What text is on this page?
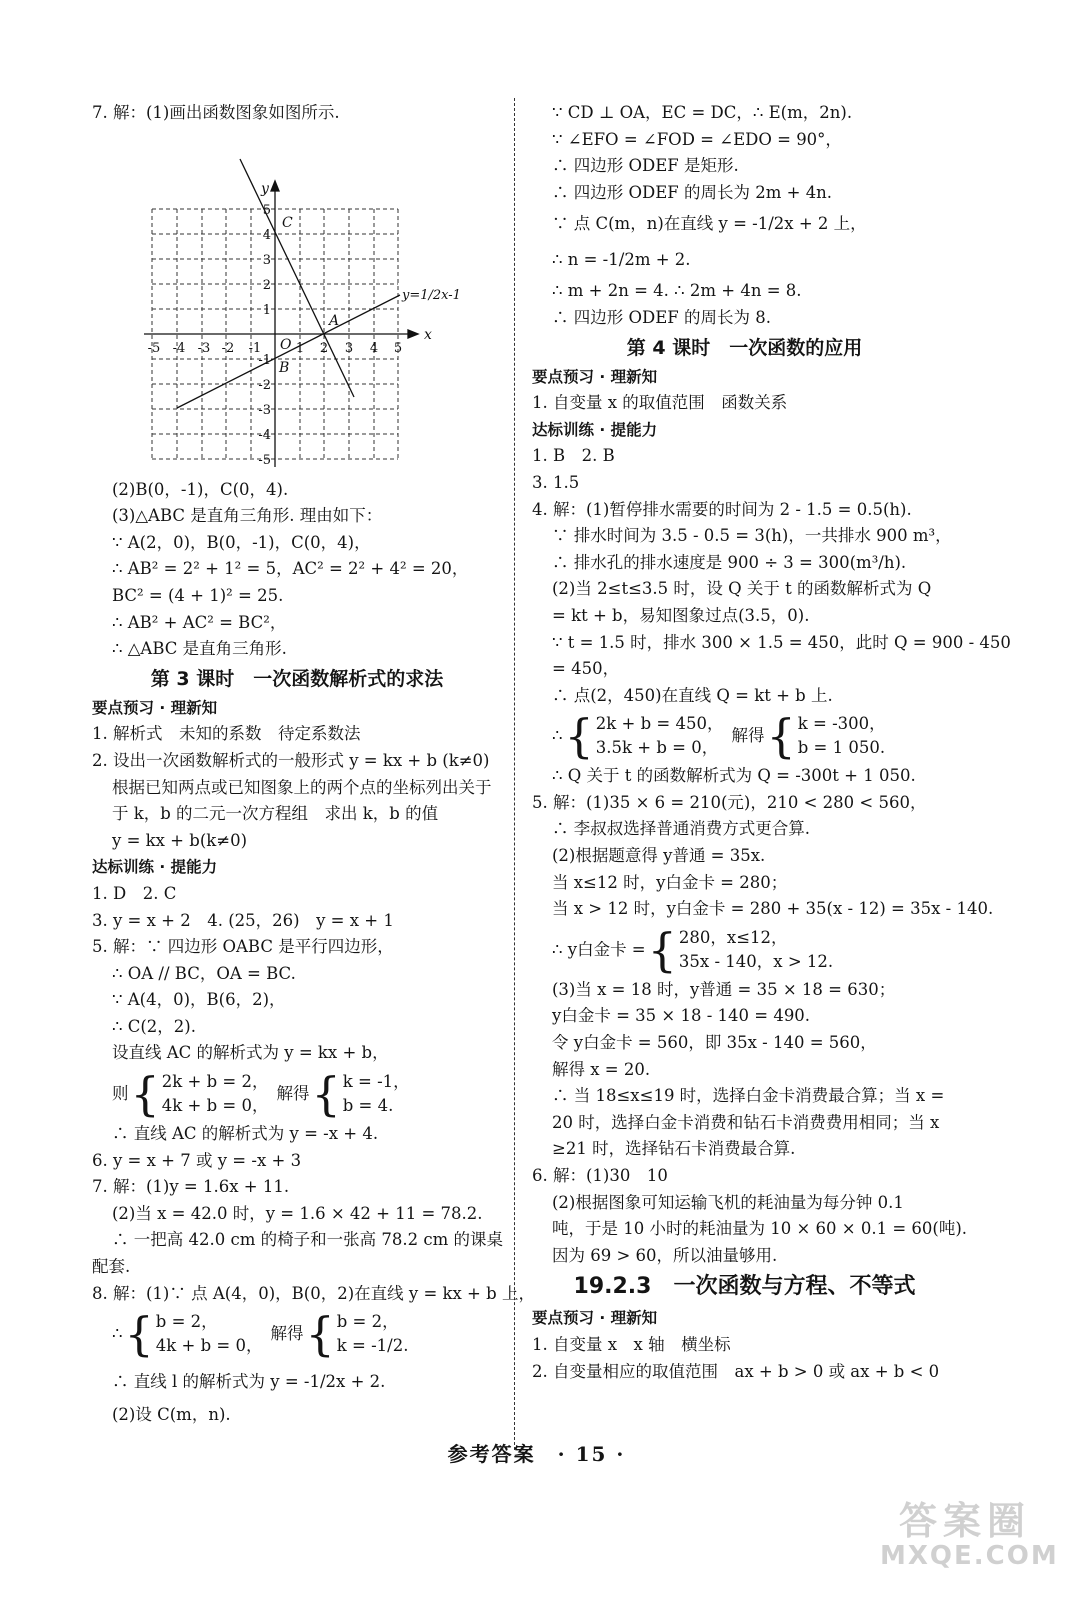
7. 解：(1)画出函数图象如图所示.
x
y
O
y=1/2x-1
A
B
C
-5 -4 -3 -2 -1	1 2 3 4 5
5
4
3
2
1
-1
-2
-3
-4
-5
(2)B(0，-1)，C(0，4).
(3)△ABC 是直角三角形. 理由如下：
∵ A(2，0)，B(0，-1)，C(0，4)，
∴ AB² = 2² + 1² = 5，AC² = 2² + 4² = 20，
BC² = (4 + 1)² = 25.
∴ AB² + AC² = BC²，
∴ △ABC 是直角三角形.
第 3 课时　一次函数解析式的求法
要点预习 · 理新知
1. 解析式　未知的系数　待定系数法
2. 设出一次函数解析式的一般形式 y = kx + b (k≠0)
根据已知两点或已知图象上的两个点的坐标列出关于
于 k，b 的二元一次方程组　求出 k，b 的值
y = kx + b(k≠0)
达标训练 · 提能力
1. D　2. C
3. y = x + 2　4. (25，26)　y = x + 1
5. 解：∵ 四边形 OABC 是平行四边形，
∴ OA // BC，OA = BC.
∵ A(4，0)，B(6，2)，
∴ C(2，2).
设直线 AC 的解析式为 y = kx + b，
则 { 2k + b = 2，
4k + b = 0，
解得 { k = -1，
b = 4.
∴ 直线 AC 的解析式为 y = -x + 4.
6. y = x + 7 或 y = -x + 3
7. 解：(1)y = 1.6x + 11.
(2)当 x = 42.0 时，y = 1.6 × 42 + 11 = 78.2.
∴ 一把高 42.0 cm 的椅子和一张高 78.2 cm 的课桌
配套.
8. 解：(1)∵ 点 A(4，0)，B(0，2)在直线 y = kx + b 上，
∴ { b = 2，
4k + b = 0，
解得 { b = 2，
k = -1/2.
∴ 直线 l 的解析式为 y = -1/2x + 2.
(2)设 C(m，n).
∵ CD ⊥ OA，EC = DC，∴ E(m，2n).
∵ ∠EFO = ∠FOD = ∠EDO = 90°，
∴ 四边形 ODEF 是矩形.
∴ 四边形 ODEF 的周长为 2m + 4n.
∵ 点 C(m，n)在直线 y = -1/2x + 2 上，
∴ n = -1/2m + 2.
∴ m + 2n = 4. ∴ 2m + 4n = 8.
∴ 四边形 ODEF 的周长为 8.
第 4 课时　一次函数的应用
要点预习 · 理新知
1. 自变量 x 的取值范围　函数关系
达标训练 · 提能力
1. B　2. B
3. 1.5
4. 解：(1)暂停排水需要的时间为 2 - 1.5 = 0.5(h).
∵ 排水时间为 3.5 - 0.5 = 3(h)，一共排水 900 m³，
∴ 排水孔的排水速度是 900 ÷ 3 = 300(m³/h).
(2)当 2≤t≤3.5 时，设 Q 关于 t 的函数解析式为 Q
= kt + b，易知图象过点(3.5，0).
∵ t = 1.5 时，排水 300 × 1.5 = 450，此时 Q = 900 - 450
= 450，
∴ 点(2，450)在直线 Q = kt + b 上.
∴ { 2k + b = 450，
3.5k + b = 0，
解得 { k = -300，
b = 1 050.
∴ Q 关于 t 的函数解析式为 Q = -300t + 1 050.
5. 解：(1)35 × 6 = 210(元)，210 < 280 < 560，
∴ 李叔叔选择普通消费方式更合算.
(2)根据题意得 y普通 = 35x.
当 x≤12 时，y白金卡 = 280；
当 x > 12 时，y白金卡 = 280 + 35(x - 12) = 35x - 140.
∴ y白金卡 = { 280，x≤12，
35x - 140，x > 12.
(3)当 x = 18 时，y普通 = 35 × 18 = 630；
y白金卡 = 35 × 18 - 140 = 490.
令 y白金卡 = 560，即 35x - 140 = 560，
解得 x = 20.
∴ 当 18≤x≤19 时，选择白金卡消费最合算；当 x =
20 时，选择白金卡消费和钻石卡消费费用相同；当 x
≥21 时，选择钻石卡消费最合算.
6. 解：(1)30　10
(2)根据图象可知运输飞机的耗油量为每分钟 0.1
吨，于是 10 小时的耗油量为 10 × 60 × 0.1 = 60(吨).
因为 69 > 60，所以油量够用.
19.2.3　一次函数与方程、不等式
要点预习 · 理新知
1. 自变量 x　x 轴　横坐标
2. 自变量相应的取值范围　ax + b > 0 或 ax + b < 0
参考答案　· 15 ·
答案圈
MXQE.COM
